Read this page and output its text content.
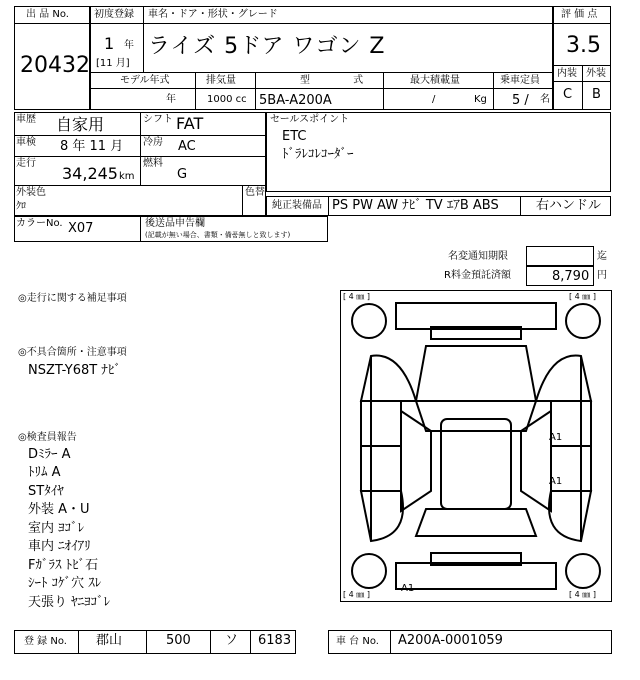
出 品 No.
20432
初度登録 車名・ドア・形状・グレード
1 年
[11 月]
ライズ 5ドア ワゴン Z
モデル年式	排気量	型 式	最大積載量	乗車定員
年	1000 cc 5BA-A200A	/	Kg 5 / 名
評 価 点
3.5
内装 外装
C B
車歴 自家用	シフト FAT
車検 8 年 11 月 冷房 AC
走行
34,245 km
燃料
G
外装色
ｸﾛ
色替
カラーNo. X07	後送品申告欄
(記載が無い場合、書類・備품無しと致します)
セールスポイント
ETC
ﾄﾞﾗﾚｺﾚｺｰﾀﾞｰ
純正装備品 PS PW AW ﾅﾋﾞ TV ｴｱB ABS	右ハンドル
名変通知期限	迄
R料金預託済額	8,790 円
◎走行に関する補足事項
◎不具合箇所・注意事項
NSZT-Y68T ﾅﾋﾞ
◎検査員報告
Dﾐﾗｰ A
ﾄﾘﾑ A
STﾀｲﾔ
外装 A・U
室内 ﾖｺﾞﾚ
車内 ﾆｵｲｱﾘ
Fｶﾞﾗｽ ﾄﾋﾞ石
ｼｰﾄ ｺｹﾞ穴 ｽﾚ
天張り ﾔﾆﾖｺﾞﾚ
[ 4 ㎜ ]	[ 4 ㎜ ]
[ 4 ㎜ ]	[ 4 ㎜ ]
A1
A1
A1
登 録 No. 郡山	500	ソ 6183	車 台 No. A200A-0001059
